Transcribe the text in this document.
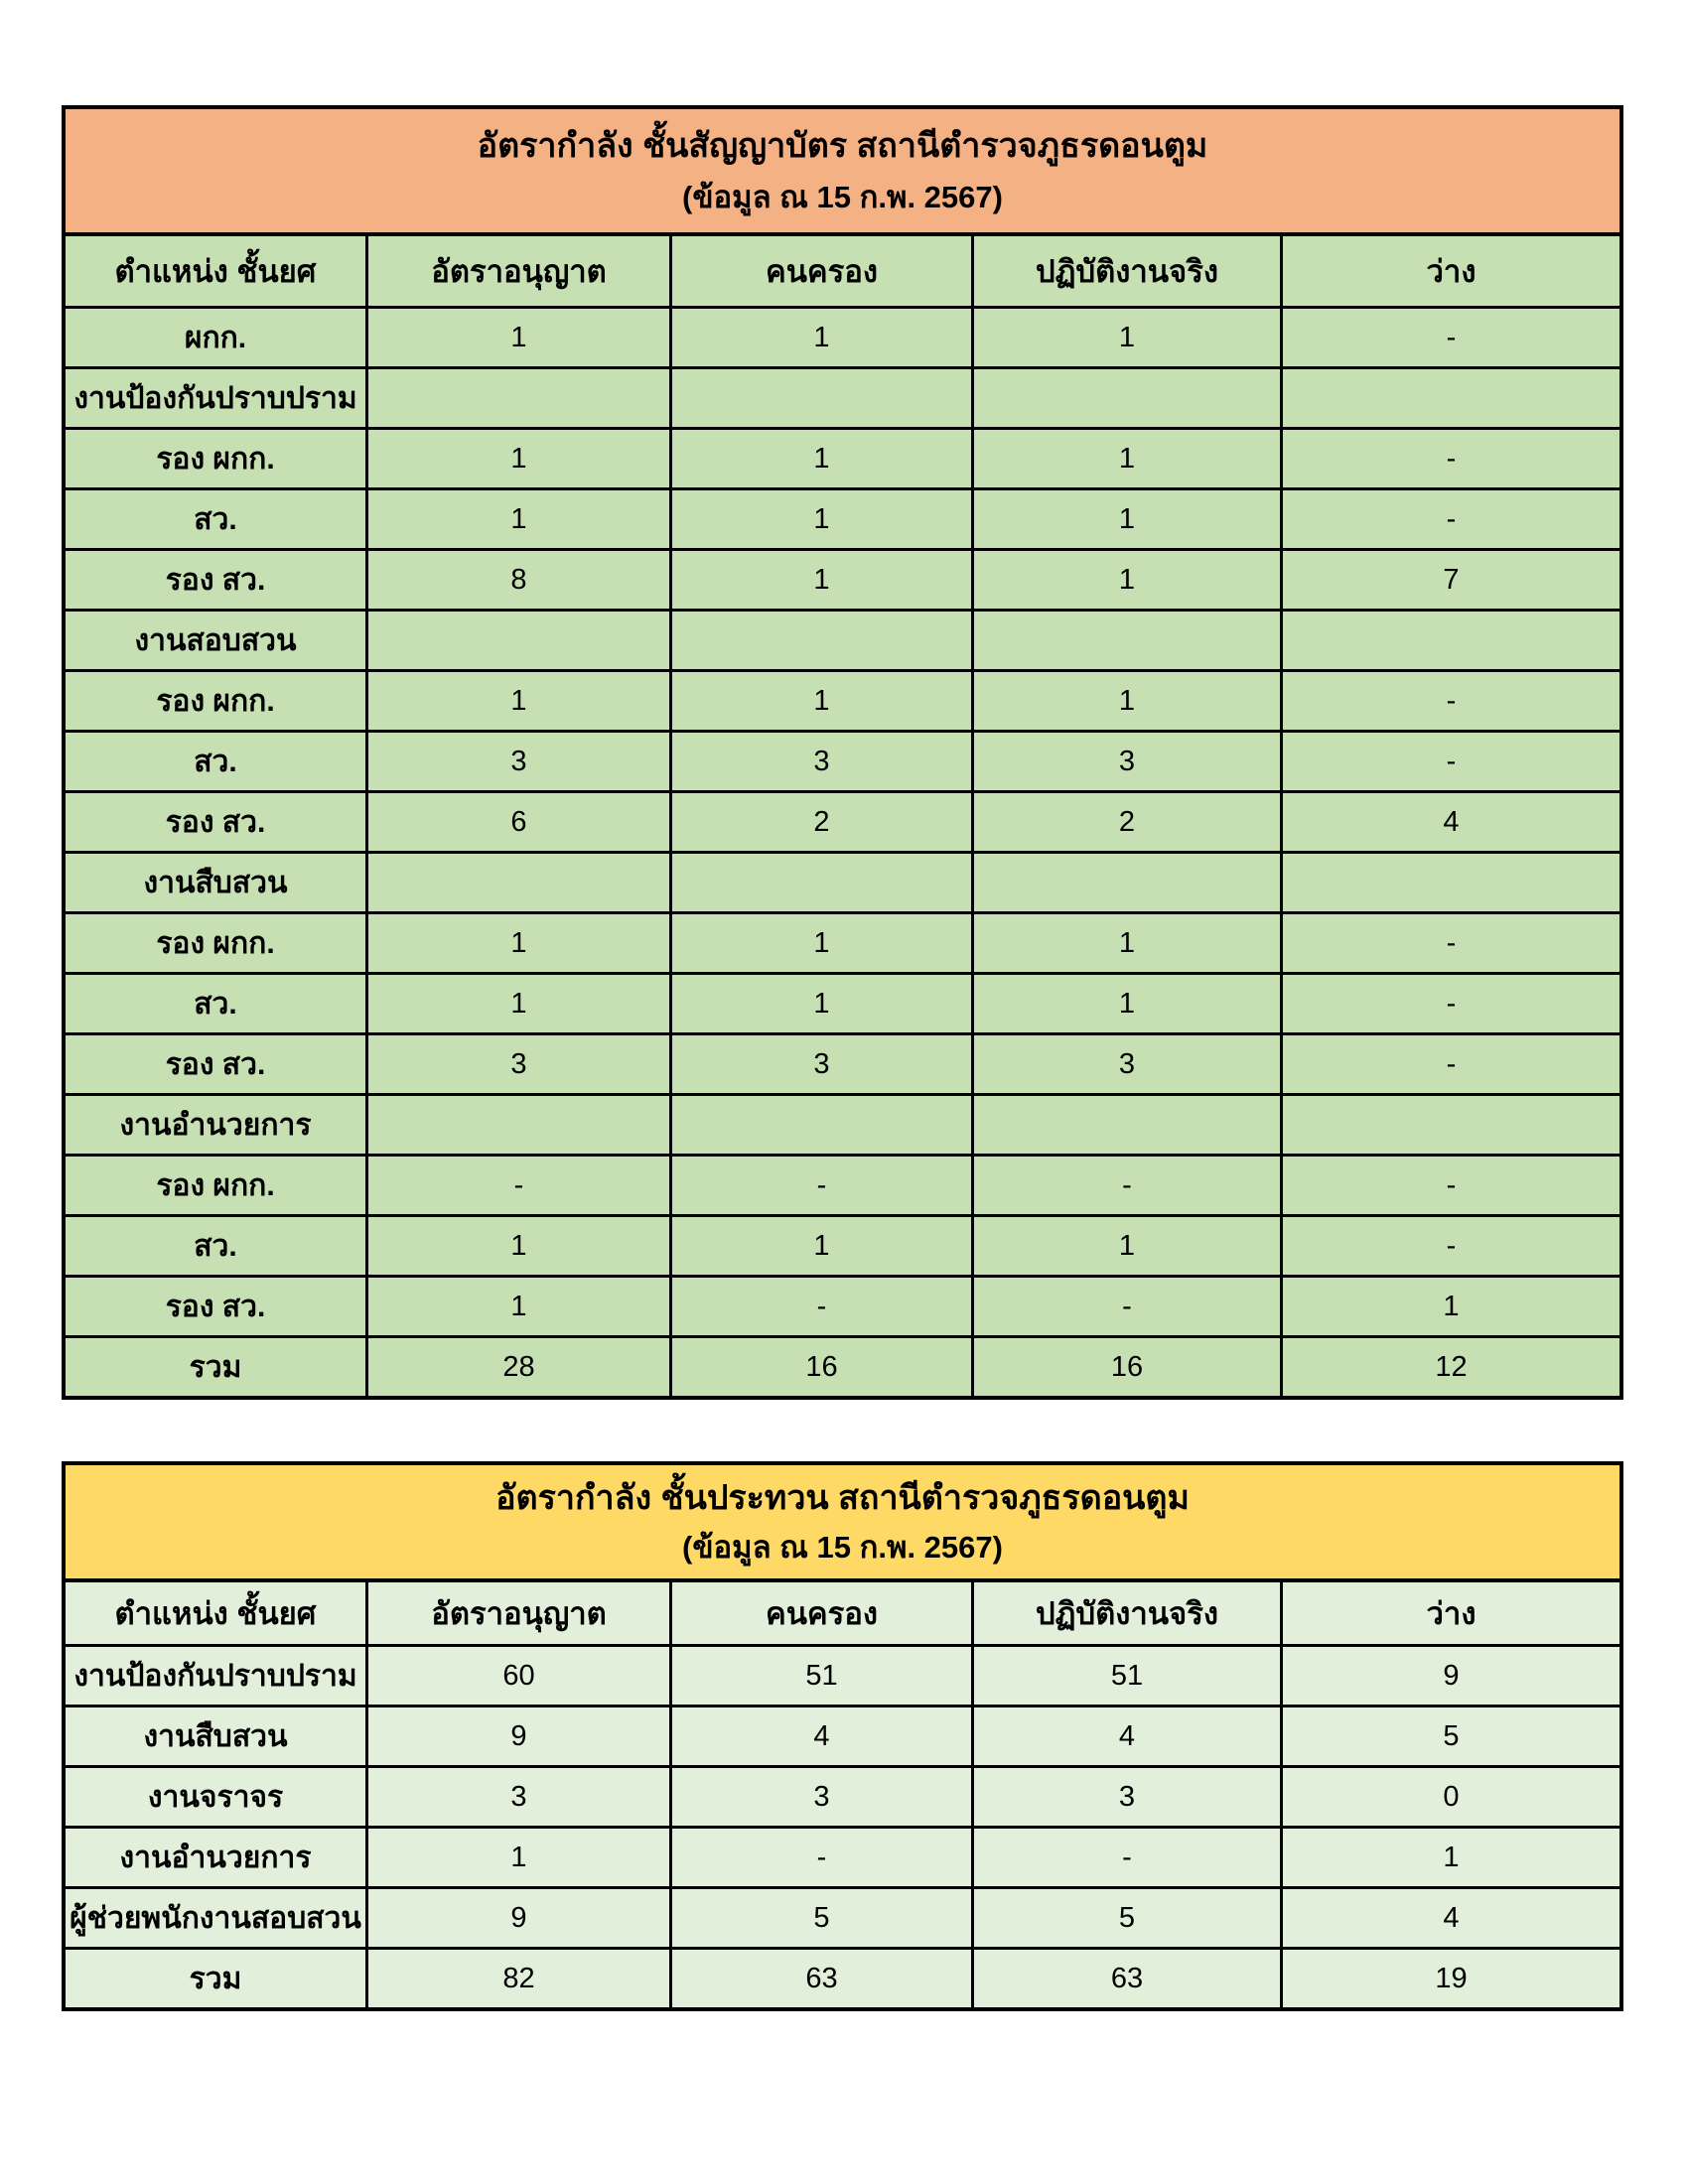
อัตรากำลัง ชั้นสัญญาบัตร สถานีตำรวจภูธรดอนตูม
(ข้อมูล ณ 15 ก.พ. 2567)
ตำแหน่ง ชั้นยศ	อัตราอนุญาต	คนครอง	ปฏิบัติงานจริง	ว่าง
ผกก.	1	1	1	-
งานป้องกันปราบปราม
รอง ผกก.	1	1	1	-
สว.	1	1	1	-
รอง สว.	8	1	1	7
งานสอบสวน
รอง ผกก.	1	1	1	-
สว.	3	3	3	-
รอง สว.	6	2	2	4
งานสืบสวน
รอง ผกก.	1	1	1	-
สว.	1	1	1	-
รอง สว.	3	3	3	-
งานอำนวยการ
รอง ผกก.	-	-	-	-
สว.	1	1	1	-
รอง สว.	1	-	-	1
รวม	28	16	16	12
อัตรากำลัง ชั้นประทวน สถานีตำรวจภูธรดอนตูม
(ข้อมูล ณ 15 ก.พ. 2567)
ตำแหน่ง ชั้นยศ	อัตราอนุญาต	คนครอง	ปฏิบัติงานจริง	ว่าง
งานป้องกันปราบปราม	60	51	51	9
งานสืบสวน	9	4	4	5
งานจราจร	3	3	3	0
งานอำนวยการ	1	-	-	1
ผู้ช่วยพนักงานสอบสวน	9	5	5	4
รวม	82	63	63	19
